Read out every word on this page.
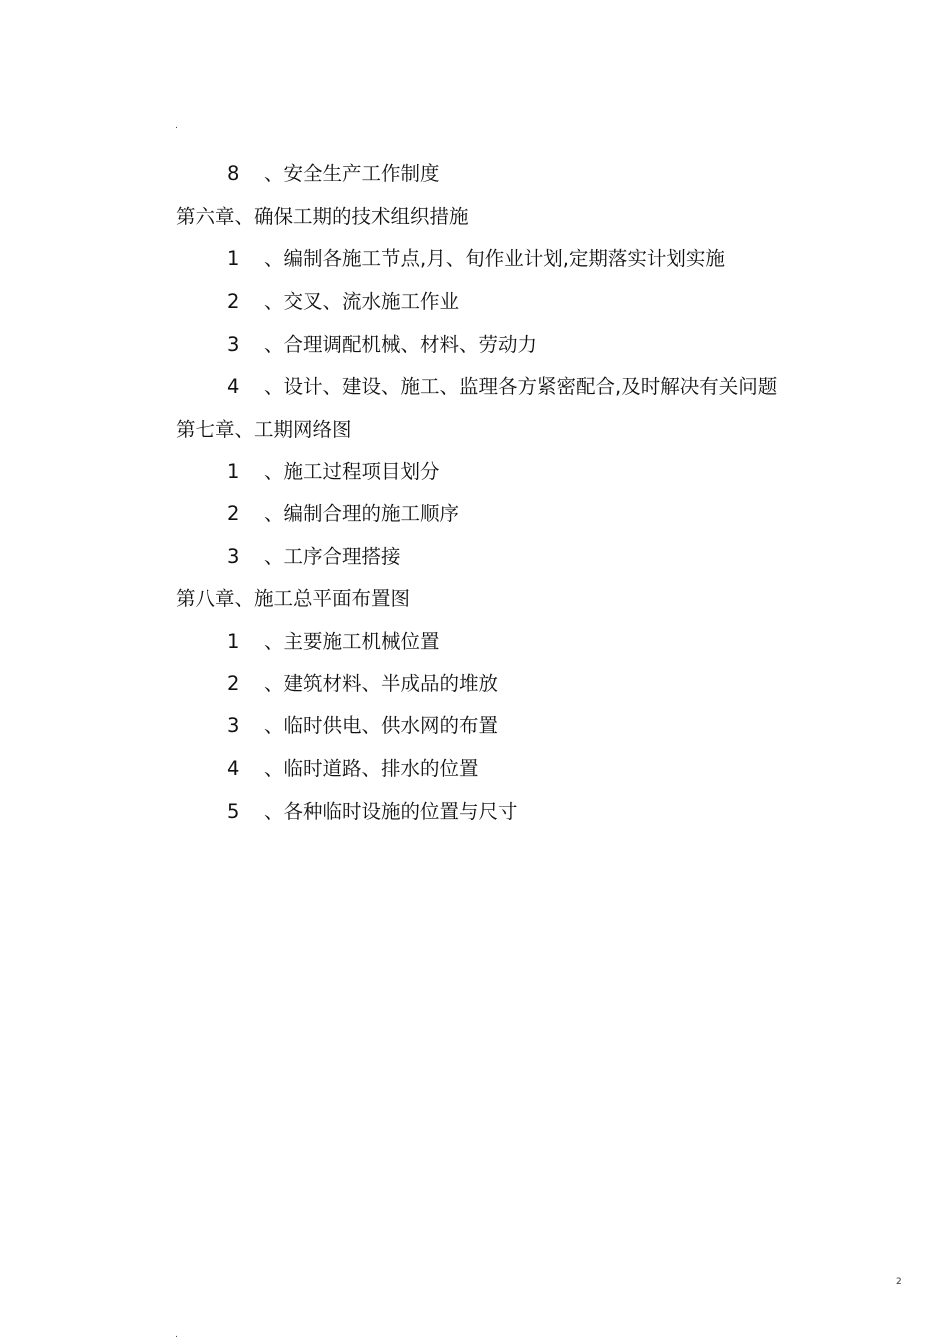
.
8	、安全生产工作制度
第六章、确保工期的技术组织措施
1	、编制各施工节点,月、旬作业计划,定期落实计划实施
2	、交叉、流水施工作业
3	、合理调配机械、材料、劳动力
4	、设计、建设、施工、监理各方紧密配合,及时解决有关问题
第七章、工期网络图
1	、施工过程项目划分
2	、编制合理的施工顺序
3	、工序合理搭接
第八章、施工总平面布置图
1	、主要施工机械位置
2	、建筑材料、半成品的堆放
3	、临时供电、供水网的布置
4	、临时道路、排水的位置
5	、各种临时设施的位置与尺寸
2
.
